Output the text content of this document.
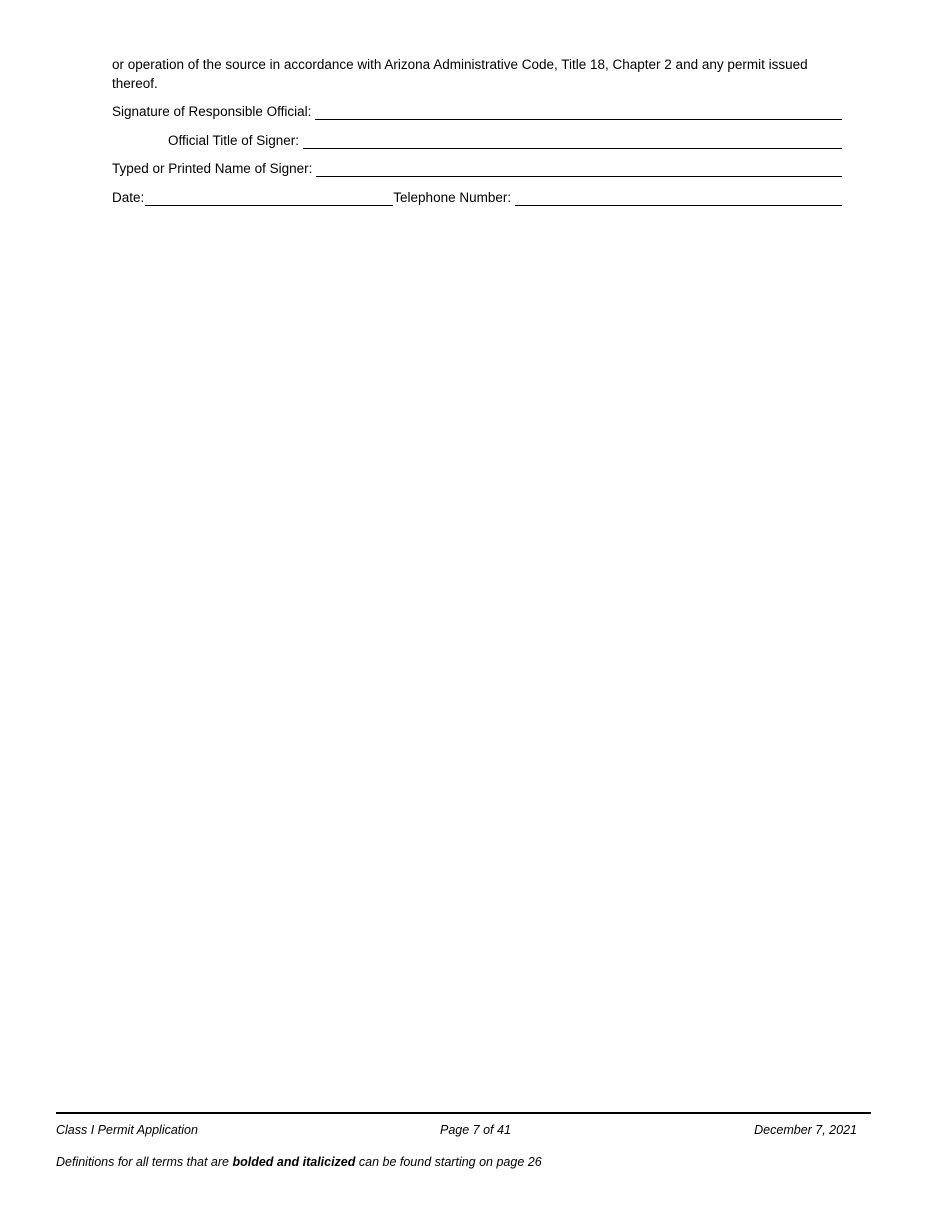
or operation of the source in accordance with Arizona Administrative Code, Title 18, Chapter 2 and any permit issued thereof.
Signature of Responsible Official:
Official Title of Signer:
Typed or Printed Name of Signer:
Date:	Telephone Number:
Class I Permit Application	Page 7 of 41	December 7, 2021
Definitions for all terms that are bolded and italicized can be found starting on page 26
